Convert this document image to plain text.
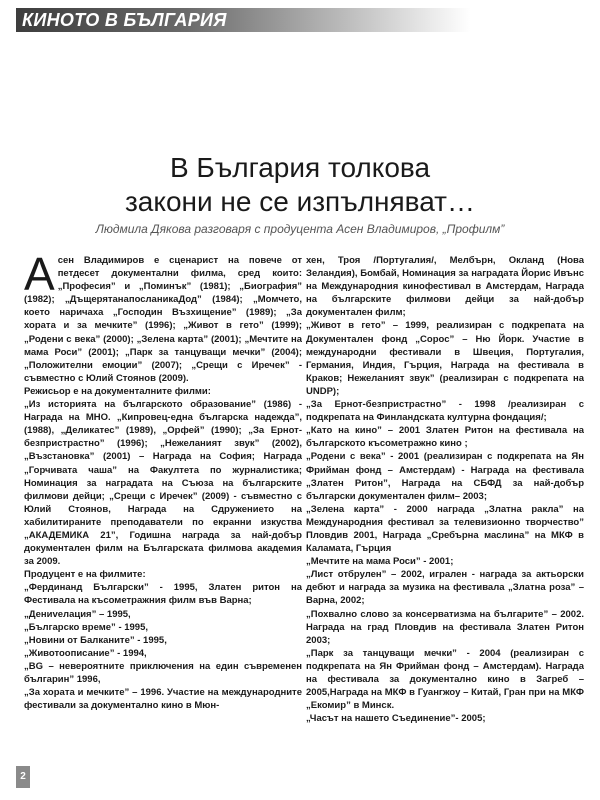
КИНОТО В БЪЛГАРИЯ
В България толкова
закони не се изпълняват…

Людмила Дякова разговаря с продуцента Асен Владимиров, „Профилм”

Асен Владимиров е сценарист на повече от петдесет документални филма, сред които: „Професия” и „Поминък” (1981); „Биография” (1982); „ДъщерятанапосланикаДод” (1984); „Момчето, което наричаха „Господин Възхищение” (1989); „За хората и за мечките” (1996); „Живот в гето” (1999); „Родени с века” (2000); „Зелена карта” (2001); „Мечтите на мама Роси” (2001); „Парк за танцуващи мечки” (2004); „Положителни емоции” (2007); „Срещи с Иречек” - съвместно с Юлий Стоянов (2009).

Режисьор е на документалните филми:

„Из историята на българското образование” (1986) - Награда на МНО. „Кипровец-една българска надежда”, (1988), „Деликатес” (1989), „Орфей” (1990); „За Ернот-безпристрастно” (1996); „Нежеланият звук” (2002), „Възстановка” (2001) – Награда на София; Награда „Горчивата чаша” на Факултета по журналистика; Номинация за наградата на Съюза на българските филмови дейци; „Срещи с Иречек” (2009) - съвместно с Юлий Стоянов, Награда на Сдружението на хабилитираните преподаватели по екранни изкуства „АКАДЕМИКА 21”, Годишна награда за най-добър документален филм на Българската филмова академия за 2009.

Продуцент е на филмите:

„Фердинанд Български” - 1995, Златен ритон на Фестивала на късометражния филм във Варна;

„Дениvелация” – 1995,

„Българско време” - 1995,

„Новини от Балканите” - 1995,

„Животоописание” - 1994,

„BG – невероятните приключения на един съвременен българин” 1996,

„За хората и мечките” – 1996. Участие на международните фестивали за документално кино в Мюн-

хен, Троя /Португалия/, Мелбърн, Окланд (Нова Зеландия), Бомбай, Номинация за наградата Йорис Ивънс на Международния кинофестивал в Амстердам, Награда на българските филмови дейци за най-добър документален филм;

„Живот в гето” – 1999, реализиран с подкрепата на Документален фонд „Сорос” – Ню Йорк. Участие в международни фестивали в Швеция, Португалия, Германия, Индия, Гърция, Награда на фестивала в Краков; Нежеланият звук” (реализиран с подкрепата на UNDP);

„За Ернот-безпристрастно” - 1998 /реализиран с подкрепата на Финландската културна фондация/;

„Като на кино” – 2001 Златен Ритон на фестивала на българското късометражно кино ;

„Родени с века” - 2001 (реализиран с подкрепата на Ян Фрийман фонд – Амстердам) - Награда на фестивала „Златен Ритон”, Награда на СБФД за най-добър български документален филм– 2003;

„Зелена карта” - 2000 награда „Златна ракла” на Международния фестивал за телевизионно творчество” Пловдив 2001, Награда „Сребърна маслина” на МКФ в Каламата, Гърция

„Мечтите на мама Роси” - 2001;

„Лист отбрулен” – 2002, игрален - награда за актьорски дебют и награда за музика на фестивала „Златна роза” – Варна, 2002;

„Похвално слово за консерватизма на българите” – 2002. Награда на град Пловдив на фестивала Златен Ритон 2003;

„Парк за танцуващи мечки” - 2004 (реализиран с подкрепата на Ян Фрийман фонд – Амстердам). Награда на фестивала за документално кино в Загреб – 2005,Награда на МКФ в Гуангжоу – Китай, Гран при на МКФ „Екомир” в Минск.

„Часът на нашето Съединение”- 2005;

2
